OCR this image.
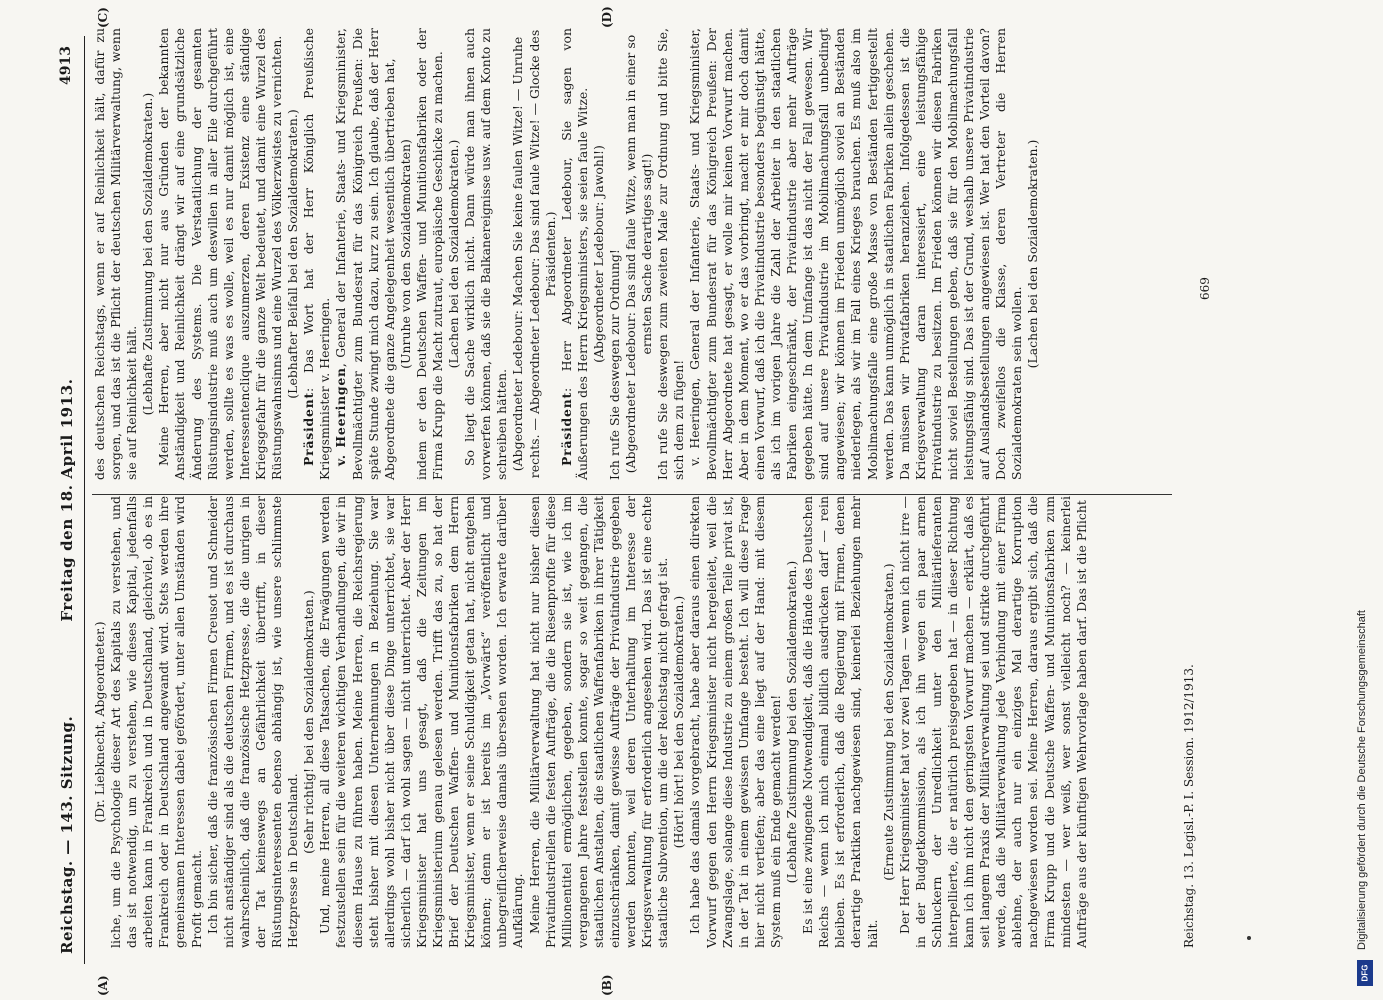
Reichstag. — 143. Sitzung.
Freitag den 18. April 1913.
4913
(A)	(B)
(C)	(D)

(Dr. Liebknecht, Abgeordneter.) liche, um die Psychologie dieser Art des Kapitals zu verstehen, und das ist notwendig, um zu verstehen, wie dieses Kapital, jedenfalls arbeiten kann in Frankreich und in Deutschland, gleichviel, ob es in Frankreich oder in Deutschland angewandt wird. Stets werden ihre gemeinsamen Interessen dabei gefördert, unter allen Umständen wird Profit gemacht. Ich bin sicher, daß die französischen Firmen Creusot und Schneider nicht anständiger sind als die deutschen Firmen, und es ist durchaus wahrscheinlich, daß die französische Hetzpresse, die die unrigen in der Tat keineswegs an Gefährlichkeit übertrifft, in dieser Rüstungsinteressenten ebenso abhängig ist, wie unsere schlimmste Hetzpresse in Deutschland.

(Sehr richtig! bei den Sozialdemokraten.) Und, meine Herren, all diese Tatsachen, die Erwägungen werden festzustellen sein für die weiteren wichtigen Verhandlungen, die wir in diesem Hause zu führen haben. Meine Herren, die Reichsregierung steht bisher mit diesen Unternehmungen in Beziehung. Sie war allerdings wohl bisher nicht über diese Dinge unterrichtet, sie war sicherlich — darf ich wohl sagen — nicht unterrichtet. Aber der Herr Kriegsminister hat uns gesagt, daß die Zeitungen im Kriegsministerium genau gelesen werden. Trifft das zu, so hat der Brief der Deutschen Waffen- und Munitionsfabriken dem Herrn Kriegsminister, wenn er seine Schuldigkeit getan hat, nicht entgehen können; denn er ist bereits im „Vorwärts“ veröffentlicht und unbegreiflicherweise damals übersehen worden. Ich erwarte darüber Aufklärung. Meine Herren, die Militärverwaltung hat nicht nur bisher diesen Privatindustriellen die festen Aufträge, die die Riesenprofite für diese Millionentitel ermöglichen, gegeben, sondern sie ist, wie ich im vergangenen Jahre feststellen konnte, sogar so weit gegangen, die staatlichen Anstalten, die staatlichen Waffenfabriken in ihrer Tätigkeit einzuschränken, damit gewisse Aufträge der Privatindustrie gegeben werden konnten, weil deren Unterhaltung im Interesse der Kriegsverwaltung für erforderlich angesehen wird. Das ist eine echte staatliche Subvention, um die der Reichstag nicht gefragt ist. (Hört! hört! bei den Sozialdemokraten.) Ich habe das damals vorgebracht, habe aber daraus einen direkten Vorwurf gegen den Herrn Kriegsminister nicht hergeleitet, weil die Zwangslage, solange diese Industrie zu einem großen Teile privat ist, in der Tat in einem gewissen Umfange besteht. Ich will diese Frage hier nicht vertiefen; aber das eine liegt auf der Hand: mit diesem System muß ein Ende gemacht werden! (Lebhafte Zustimmung bei den Sozialdemokraten.) Es ist eine zwingende Notwendigkeit, daß die Hände des Deutschen Reichs — wenn ich mich einmal bildlich ausdrücken darf — rein bleiben. Es ist erforderlich, daß die Regierung mit Firmen, denen derartige Praktiken nachgewiesen sind, keinerlei Beziehungen mehr hält.

(Erneute Zustimmung bei den Sozialdemokraten.) Der Herr Kriegsminister hat vor zwei Tagen — wenn ich nicht irre — in der Budgetkommission, als ich ihn wegen ein paar armen Schluckern der Unredlichkeit unter den Militärlieferanten interpellierte, die er natürlich preisgegeben hat — in dieser Richtung kann ich ihm nicht den geringsten Vorwurf machen — erklärt, daß es seit langem Praxis der Militärverwaltung sei und strikte durchgeführt werde, daß die Militärverwaltung jede Verbindung mit einer Firma ablehne, der auch nur ein einziges Mal derartige Korruption nachgewiesen worden sei. Meine Herren, daraus ergibt sich, daß die Firma Krupp und die Deutsche Waffen- und Munitionsfabriken zum mindesten — wer weiß, wer sonst vielleicht noch? — keinerlei Aufträge aus der künftigen Wehrvorlage haben darf. Das ist die Pflicht

des deutschen Reichstags, wenn er auf Reinlichkeit hält, dafür zu sorgen, und das ist die Pflicht der deutschen Militärverwaltung, wenn sie auf Reinlichkeit hält. (Lebhafte Zustimmung bei den Sozialdemokraten.) Meine Herren, aber nicht nur aus Gründen der bekannten Anständigkeit und Reinlichkeit drängt wir auf eine grundsätzliche Änderung des Systems. Die Verstaatlichung der gesamten Rüstungsindustrie muß auch um deswillen in aller Eile durchgeführt werden, sollte es was es wolle, weil es nur damit möglich ist, eine Interessentenclique auszumerzen, deren Existenz eine ständige Kriegsgefahr für die ganze Welt bedeutet, und damit eine Wurzel des Rüstungswahnsinns und eine Wurzel des Völkerzwistes zu vernichten. (Lebhafter Beifall bei den Sozialdemokraten.)

Präsident: Das Wort hat der Herr Königlich Preußische Kriegsminister v. Heeringen. v. Heeringen, General der Infanterie, Staats- und Kriegsminister, Bevollmächtigter zum Bundesrat für das Königreich Preußen: Die späte Stunde zwingt mich dazu, kurz zu sein. Ich glaube, daß der Herr Abgeordnete die ganze Angelegenheit wesentlich übertrieben hat, (Unruhe von den Sozialdemokraten) indem er den Deutschen Waffen- und Munitionsfabriken oder der Firma Krupp die Macht zutraut, europäische Geschicke zu machen. (Lachen bei den Sozialdemokraten.) So liegt die Sache wirklich nicht. Dann würde man ihnen auch vorwerfen können, daß sie die Balkanereignisse usw. auf dem Konto zu schreiben hätten. (Abgeordneter Ledebour: Machen Sie keine faulen Witze! — Unruhe rechts. — Abgeordneter Ledebour: Das sind faule Witze! — Glocke des Präsidenten.)

Präsident: Herr Abgeordneter Ledebour, Sie sagen von Äußerungen des Herrn Kriegsministers, sie seien faule Witze. (Abgeordneter Ledebour: Jawohl!) Ich rufe Sie deswegen zur Ordnung! (Abgeordneter Ledebour: Das sind faule Witze, wenn man in einer so ernsten Sache derartiges sagt!) Ich rufe Sie deswegen zum zweiten Male zur Ordnung und bitte Sie, sich dem zu fügen! v. Heeringen, General der Infanterie, Staats- und Kriegsminister, Bevollmächtigter zum Bundesrat für das Königreich Preußen: Der Herr Abgeordnete hat gesagt, er wolle mir keinen Vorwurf machen. Aber in dem Moment, wo er das vorbringt, macht er mir doch damit einen Vorwurf, daß ich die Privatindustrie besonders begünstigt hätte, als ich im vorigen Jahre die Zahl der Arbeiter in den staatlichen Fabriken eingeschränkt, der Privatindustrie aber mehr Aufträge gegeben hätte. In dem Umfange ist das nicht der Fall gewesen. Wir sind auf unsere Privatindustrie im Mobilmachungsfall unbedingt angewiesen; wir können im Frieden unmöglich soviel an Beständen niederlegen, als wir im Fall eines Krieges brauchen. Es muß also im Mobilmachungsfalle eine große Masse von Beständen fertiggestellt werden. Das kann unmöglich in staatlichen Fabriken allein geschehen. Da müssen wir Privatfabriken heranziehen. Infolgedessen ist die Kriegsverwaltung daran interessiert, eine leistungsfähige Privatindustrie zu besitzen. Im Frieden können wir diesen Fabriken nicht soviel Bestellungen geben, daß sie für den Mobilmachungsfall leistungsfähig sind. Das ist der Grund, weshalb unsere Privatindustrie auf Auslandsbestellungen angewiesen ist. Wer hat den Vorteil davon? Doch zweifellos die Klasse, deren Vertreter die Herren Sozialdemokraten sein wollen.

(Lachen bei den Sozialdemokraten.)

Reichstag. 13. Legisl.-P. I. Session. 1912/1913.
669
Digitalisierung gefördert durch die Deutsche Forschungsgemeinschaft
DFG
